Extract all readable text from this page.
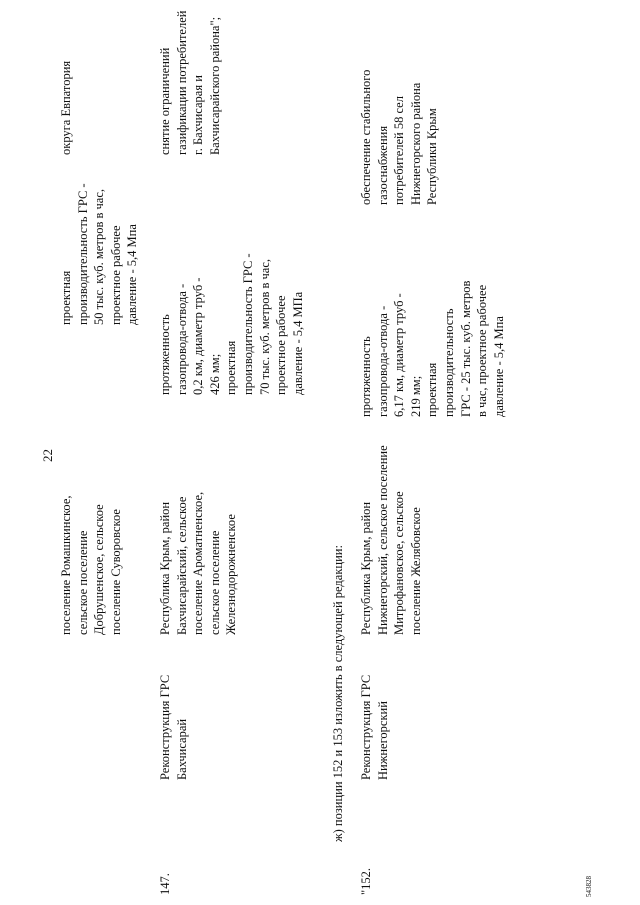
22
поселение Ромашкинское, сельское поселение Добрушенское, сельское поселение Суворовское
проектная производительность ГРС - 50 тыс. куб. метров в час, проектное рабочее давление - 5,4 Мпа
округа Евпатория
147.
Реконструкция ГРС Бахчисарай
Республика Крым, район Бахчисарайский, сельское поселение Ароматненское, сельское поселение Железнодорожненское
протяженность газопровода-отвода - 0,2 км, диаметр труб - 426 мм; проектная производительность ГРС - 70 тыс. куб. метров в час, проектное рабочее давление - 5,4 МПа
снятие ограничений газификации потребителей г. Бахчисарая и Бахчисарайского района";
ж) позиции 152 и 153 изложить в следующей редакции:
"152.
Реконструкция ГРС Нижнегорский
Республика Крым, район Нижнегорский, сельское поселение Митрофановское, сельское поселение Желябовское
протяженность газопровода-отвода - 6,17 км, диаметр труб - 219 мм; проектная производительность ГРС - 25 тыс. куб. метров в час, проектное рабочее давление - 5,4 Мпа
обеспечение стабильного газоснабжения потребителей 58 сел Нижнегорского района Республики Крым
543828
